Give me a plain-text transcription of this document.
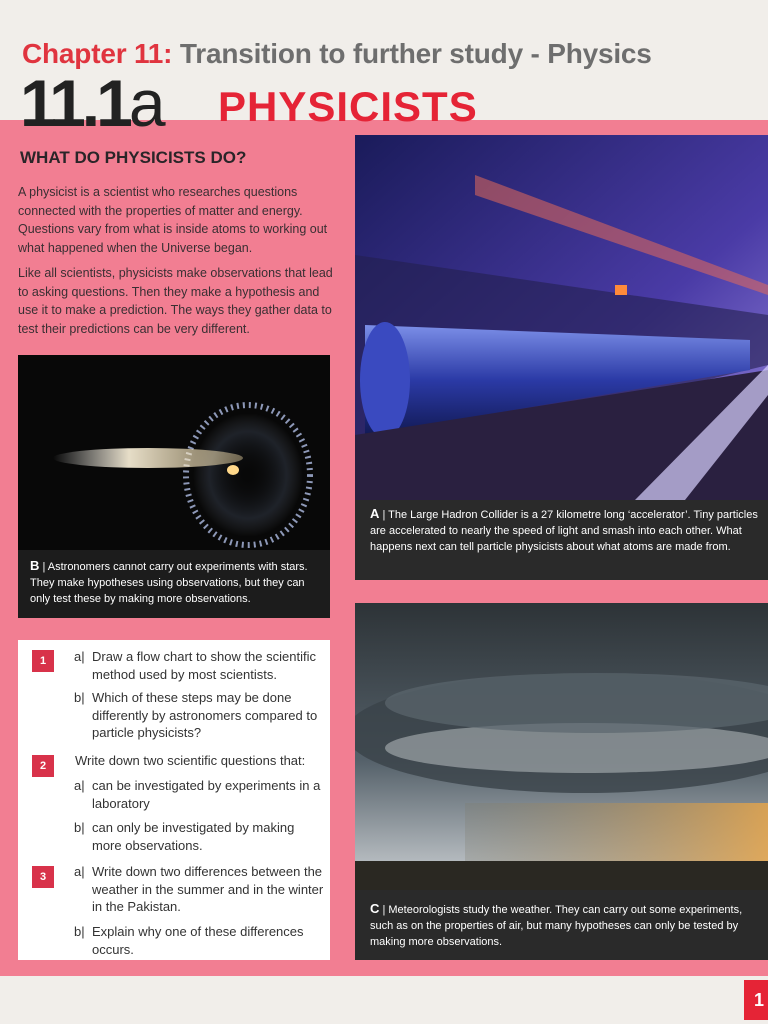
Chapter 11: Transition to further study - Physics
11.1a PHYSICISTS
WHAT DO PHYSICISTS DO?

A physicist is a scientist who researches questions connected with the properties of matter and energy. Questions vary from what is inside atoms to working out what happened when the Universe began.

Like all scientists, physicists make observations that lead to asking questions. Then they make a hypothesis and use it to make a prediction. The ways they gather data to test their predictions can be very different.

B | Astronomers cannot carry out experiments with stars. They make hypotheses using observations, but they can only test these by making more observations.

A | The Large Hadron Collider is a 27 kilometre long ‘accelerator’. Tiny particles are accelerated to nearly the speed of light and smash into each other. What happens next can tell particle physicists about what atoms are made from.

C | Meteorologists study the weather. They can carry out some experiments, such as on the properties of air, but many hypotheses can only be tested by making more observations.

1	a| Draw a flow chart to show the scientific method used by most scientists.

b| Which of these steps may be done differently by astronomers compared to particle physicists?

2	Write down two scientific questions that:

a| can be investigated by experiments in a laboratory

b| can only be investigated by making more observations.

3	a| Write down two differences between the weather in the summer and in the winter in the Pakistan.

b| Explain why one of these differences occurs.

1
